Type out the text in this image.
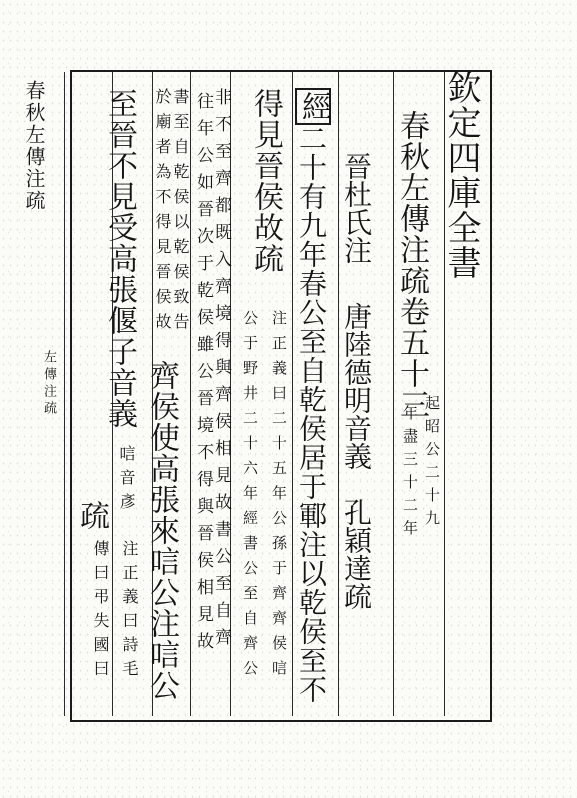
春秋左傳注疏	欽定四庫全書
春秋左傳注疏卷五十三
起昭公二十九
年盡三十二年
晉杜氏注
唐陸德明音義
孔穎達疏
經
二十有九年春公至自乾侯居于鄆注以乾侯至不
得見晉侯故疏
注正義曰二十五年公孫于齊齊侯唁
公于野井二十六年經書公至自齊公
非不至齊都既入齊境得與齊侯相見故書公至自齊
往年公如晉次于乾侯雖公晉境不得與晉侯相見故
書至自乾侯以乾侯致告
於廟者為不得見晉侯故
齊侯使高張來唁公注唁公
至晉不見受高張偃子音義
唁音彥
疏
注正義曰詩毛
傳曰弔失國曰
左傳注疏
